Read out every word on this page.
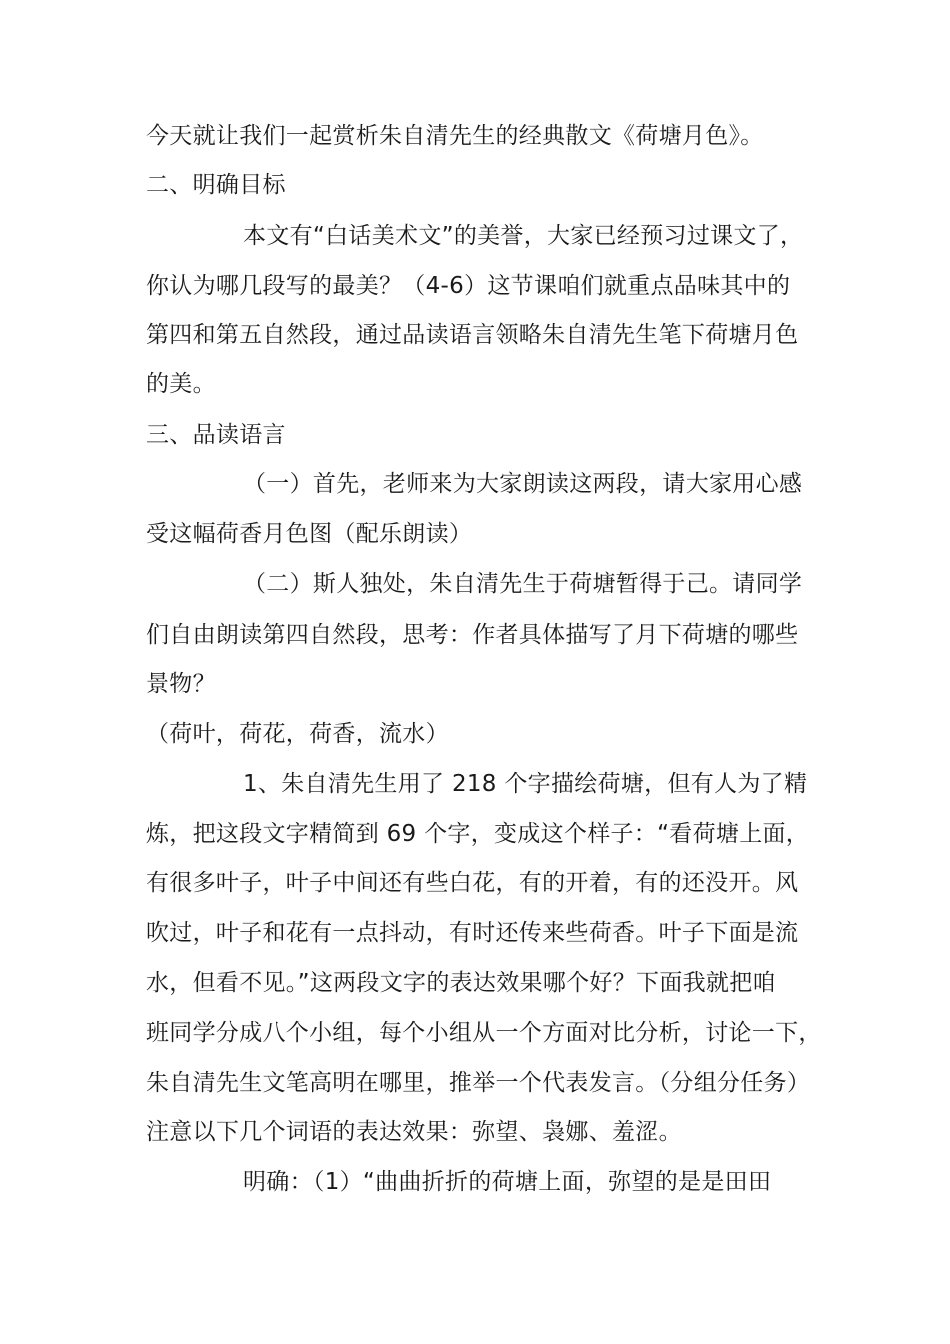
今天就让我们一起赏析朱自清先生的经典散文《荷塘月色》。
二、明确目标
本文有“白话美术文”的美誉，大家已经预习过课文了，
你认为哪几段写的最美？（4-6）这节课咱们就重点品味其中的
第四和第五自然段，通过品读语言领略朱自清先生笔下荷塘月色
的美。
三、品读语言
（一）首先，老师来为大家朗读这两段，请大家用心感
受这幅荷香月色图（配乐朗读）
（二）斯人独处，朱自清先生于荷塘暂得于己。请同学
们自由朗读第四自然段，思考：作者具体描写了月下荷塘的哪些
景物？
（荷叶，荷花，荷香，流水）
1、朱自清先生用了 218 个字描绘荷塘，但有人为了精
炼，把这段文字精简到 69 个字，变成这个样子：“看荷塘上面，
有很多叶子，叶子中间还有些白花，有的开着，有的还没开。风
吹过，叶子和花有一点抖动，有时还传来些荷香。叶子下面是流
水，但看不见。”这两段文字的表达效果哪个好？下面我就把咱
班同学分成八个小组，每个小组从一个方面对比分析，讨论一下，
朱自清先生文笔高明在哪里，推举一个代表发言。（分组分任务）
注意以下几个词语的表达效果：弥望、袅娜、羞涩。
明确：（1）“曲曲折折的荷塘上面，弥望的是是田田
